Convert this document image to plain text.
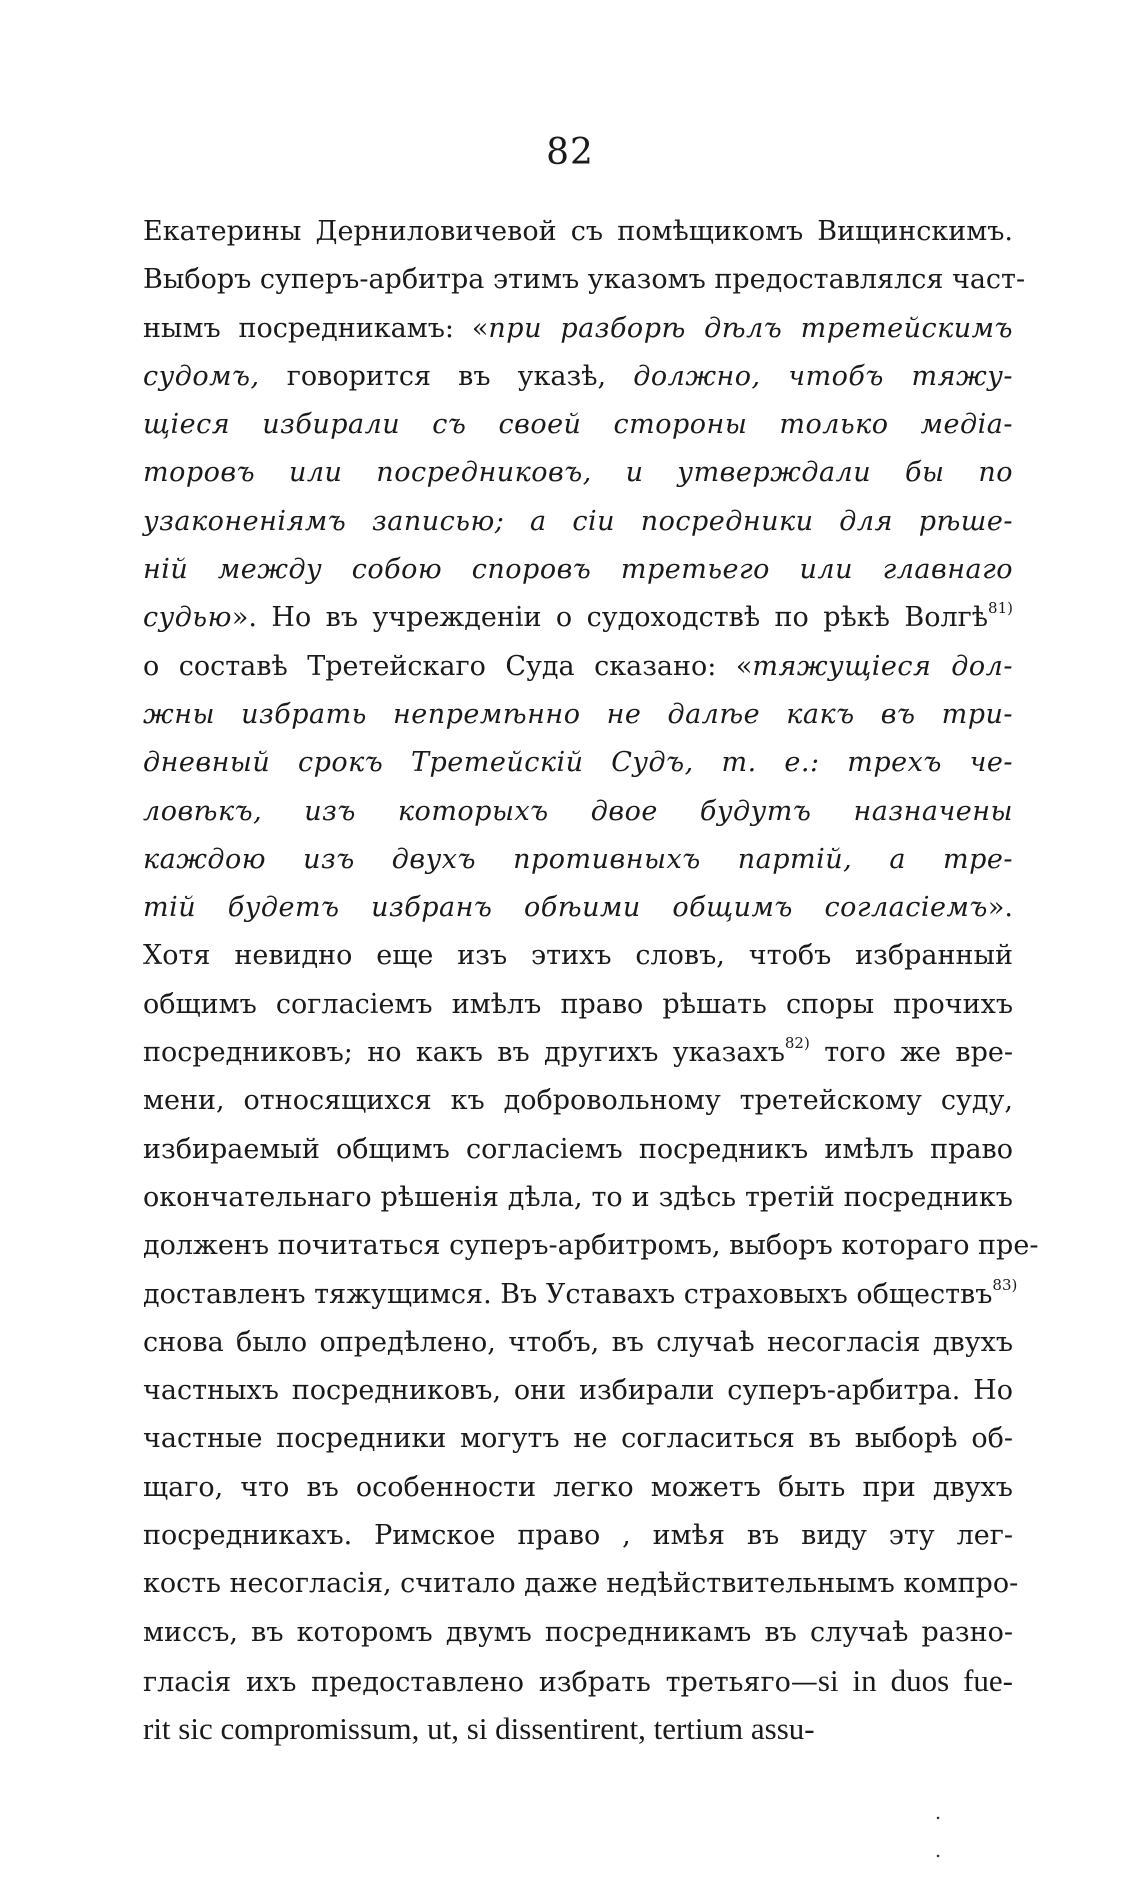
82
Екатерины Дерниловичевой съ помѣщикомъ Вищинскимъ.
Выборъ суперъ-арбитра этимъ указомъ предоставлялся част-
нымъ посредникамъ: «при разборѣ дѣлъ третейскимъ
судомъ, говорится въ указѣ, должно, чтобъ тяжу-
щіеся избирали съ своей стороны только медіа-
торовъ или посредниковъ, и утверждали бы по
узаконеніямъ записью; а сіи посредники для рѣше-
ній между собою споровъ третьего или главнаго
судью». Но въ учрежденіи о судоходствѣ по рѣкѣ Волгѣ$^{81)}$
о составѣ Третейскаго Суда сказано: «тяжущіеся дол-
жны избрать непремѣнно не далѣе какъ въ три-
дневный срокъ Третейскій Судъ, т. е.: трехъ че-
ловѣкъ, изъ которыхъ двое будутъ назначены
каждою изъ двухъ противныхъ партій, а тре-
тій будетъ избранъ обѣими общимъ согласіемъ».
Хотя невидно еще изъ этихъ словъ, чтобъ избранный
общимъ согласіемъ имѣлъ право рѣшать споры прочихъ
посредниковъ; но какъ въ другихъ указахъ$^{82)}$ того же вре-
мени, относящихся къ добровольному третейскому суду,
избираемый общимъ согласіемъ посредникъ имѣлъ право
окончательнаго рѣшенія дѣла, то и здѣсь третій посредникъ
долженъ почитаться суперъ-арбитромъ, выборъ котораго пре-
доставленъ тяжущимся. Въ Уставахъ страховыхъ обществъ$^{83)}$
снова было опредѣлено, чтобъ, въ случаѣ несогласія двухъ
частныхъ посредниковъ, они избирали суперъ-арбитра. Но
частные посредники могутъ не согласиться въ выборѣ об-
щаго, что въ особенности легко можетъ быть при двухъ
посредникахъ. Римское право , имѣя въ виду эту лег-
кость несогласія, считало даже недѣйствительнымъ компро-
миссъ, въ которомъ двумъ посредникамъ въ случаѣ разно-
гласія ихъ предоставлено избрать третьяго—si in duos fue-
rit sic compromissum, ut, si dissentirent, tertium assu-
.
.
